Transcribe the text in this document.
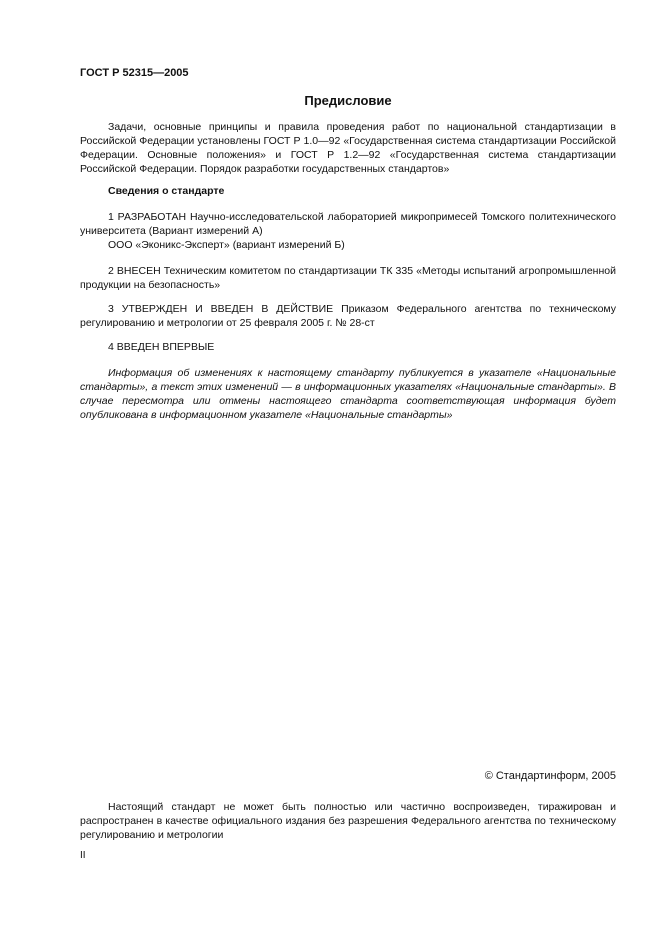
ГОСТ Р 52315—2005
Предисловие

Задачи, основные принципы и правила проведения работ по национальной стандартизации в Российской Федерации установлены ГОСТ Р 1.0—92 «Государственная система стандартизации Российской Федерации. Основные положения» и ГОСТ Р 1.2—92 «Государственная система стандартизации Российской Федерации. Порядок разработки государственных стандартов»

Сведения о стандарте

1 РАЗРАБОТАН Научно-исследовательской лабораторией микропримесей Томского политехнического университета (Вариант измерений А)

ООО «Эконикс-Эксперт» (вариант измерений Б)

2 ВНЕСЕН Техническим комитетом по стандартизации ТК 335 «Методы испытаний агропромышленной продукции на безопасность»

3 УТВЕРЖДЕН И ВВЕДЕН В ДЕЙСТВИЕ Приказом Федерального агентства по техническому регулированию и метрологии от 25 февраля 2005 г. № 28-ст

4 ВВЕДЕН ВПЕРВЫЕ

Информация об изменениях к настоящему стандарту публикуется в указателе «Национальные стандарты», а текст этих изменений — в информационных указателях «Национальные стандарты». В случае пересмотра или отмены настоящего стандарта соответствующая информация будет опубликована в информационном указателе «Национальные стандарты»

© Стандартинформ, 2005

Настоящий стандарт не может быть полностью или частично воспроизведен, тиражирован и распространен в качестве официального издания без разрешения Федерального агентства по техническому регулированию и метрологии

II
